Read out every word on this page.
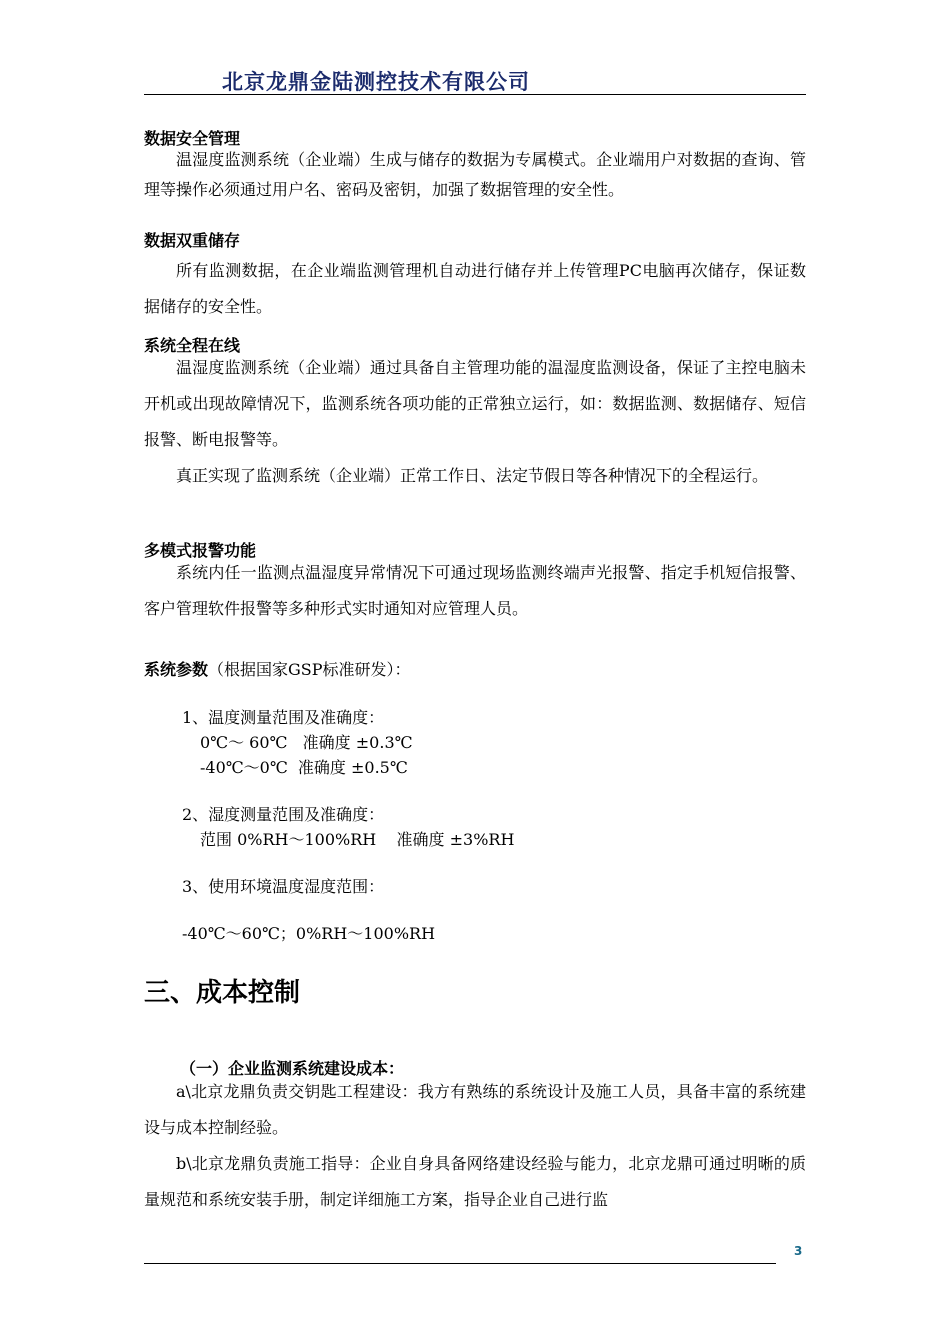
北京龙鼎金陆测控技术有限公司
数据安全管理
温湿度监测系统（企业端）生成与储存的数据为专属模式。企业端用户对数据的查询、管理等操作必须通过用户名、密码及密钥，加强了数据管理的安全性。
数据双重储存
所有监测数据，在企业端监测管理机自动进行储存并上传管理PC电脑再次储存，保证数据储存的安全性。
系统全程在线
温湿度监测系统（企业端）通过具备自主管理功能的温湿度监测设备，保证了主控电脑未开机或出现故障情况下，监测系统各项功能的正常独立运行，如：数据监测、数据储存、短信报警、断电报警等。
真正实现了监测系统（企业端）正常工作日、法定节假日等各种情况下的全程运行。
多模式报警功能
系统内任一监测点温湿度异常情况下可通过现场监测终端声光报警、指定手机短信报警、客户管理软件报警等多种形式实时通知对应管理人员。
系统参数（根据国家GSP标准研发）：
1、温度测量范围及准确度：
0℃～ 60℃   准确度 ±0.3℃
-40℃～0℃  准确度 ±0.5℃
2、湿度测量范围及准确度：
范围 0%RH～100%RH    准确度 ±3%RH
3、使用环境温度湿度范围：
-40℃～60℃；0%RH～100%RH
三、成本控制
（一）企业监测系统建设成本：
a\北京龙鼎负责交钥匙工程建设：我方有熟练的系统设计及施工人员，具备丰富的系统建设与成本控制经验。
b\北京龙鼎负责施工指导：企业自身具备网络建设经验与能力，北京龙鼎可通过明晰的质量规范和系统安装手册，制定详细施工方案，指导企业自己进行监
3
